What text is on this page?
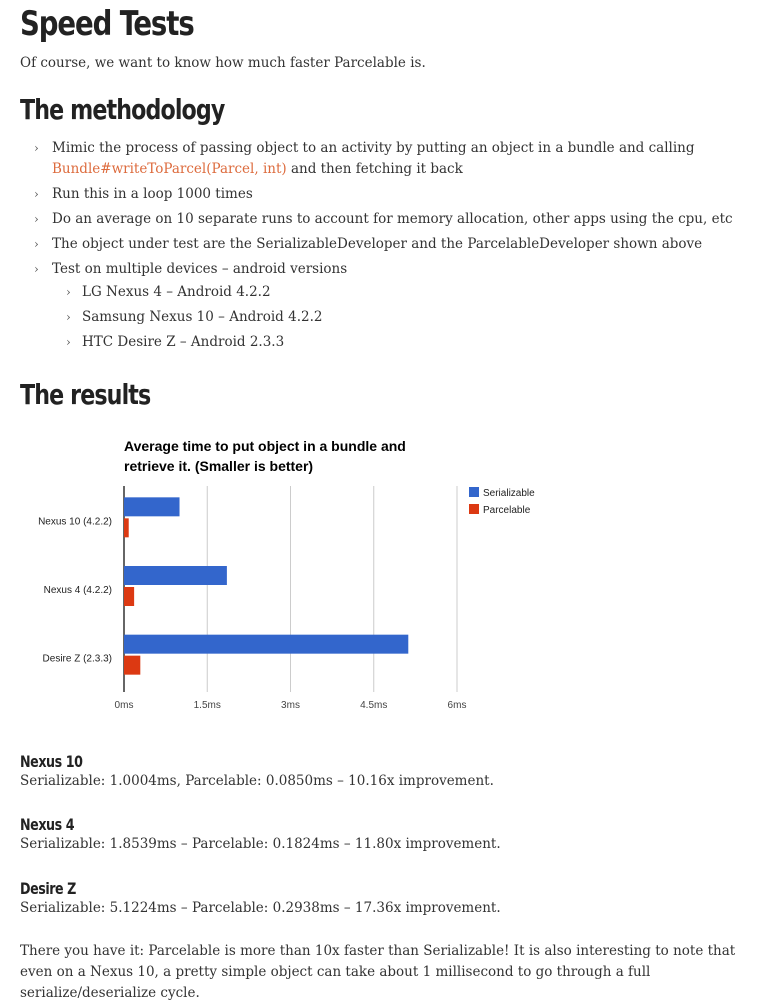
Speed Tests

Of course, we want to know how much faster Parcelable is.

The methodology
› Mimic the process of passing object to an activity by putting an object in a bundle and calling
Bundle#writeToParcel(Parcel, int) and then fetching it back
› Run this in a loop 1000 times
› Do an average on 10 separate runs to account for memory allocation, other apps using the cpu, etc
› The object under test are the SerializableDeveloper and the ParcelableDeveloper shown above
› Test on multiple devices – android versions
› LG Nexus 4 – Android 4.2.2
› Samsung Nexus 10 – Android 4.2.2
› HTC Desire Z – Android 2.3.3
The results
Average time to put object in a bundle and
retrieve it. (Smaller is better)
Nexus 10 (4.2.2)
Nexus 4 (4.2.2)
Desire Z (2.3.3)
0ms	1.5ms	3ms	4.5ms	6ms
Serializable
Parcelable
Nexus 10

Serializable: 1.0004ms, Parcelable: 0.0850ms – 10.16x improvement.

Nexus 4

Serializable: 1.8539ms – Parcelable: 0.1824ms – 11.80x improvement.

Desire Z

Serializable: 5.1224ms – Parcelable: 0.2938ms – 17.36x improvement.

There you have it: Parcelable is more than 10x faster than Serializable! It is also interesting to note that even on a Nexus 10, a pretty simple object can take about 1 millisecond to go through a full serialize/deserialize cycle.
